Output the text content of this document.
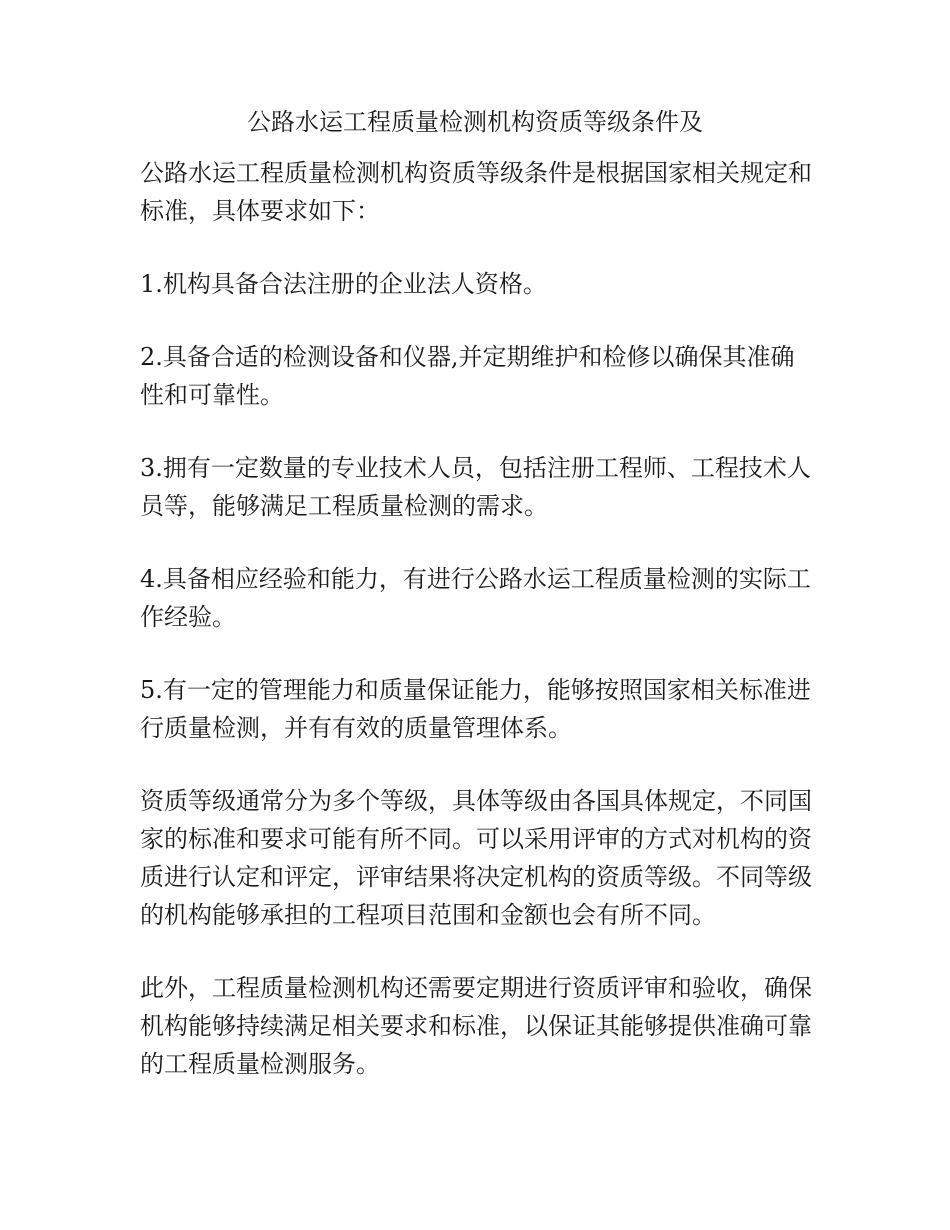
公路水运工程质量检测机构资质等级条件及

公路水运工程质量检测机构资质等级条件是根据国家相关规定和标准，具体要求如下：

1.机构具备合法注册的企业法人资格。

2.具备合适的检测设备和仪器,并定期维护和检修以确保其准确性和可靠性。

3.拥有一定数量的专业技术人员，包括注册工程师、工程技术人员等，能够满足工程质量检测的需求。

4.具备相应经验和能力，有进行公路水运工程质量检测的实际工作经验。

5.有一定的管理能力和质量保证能力，能够按照国家相关标准进行质量检测，并有有效的质量管理体系。

资质等级通常分为多个等级，具体等级由各国具体规定，不同国家的标准和要求可能有所不同。可以采用评审的方式对机构的资质进行认定和评定，评审结果将决定机构的资质等级。不同等级的机构能够承担的工程项目范围和金额也会有所不同。

此外，工程质量检测机构还需要定期进行资质评审和验收，确保机构能够持续满足相关要求和标准，以保证其能够提供准确可靠的工程质量检测服务。
